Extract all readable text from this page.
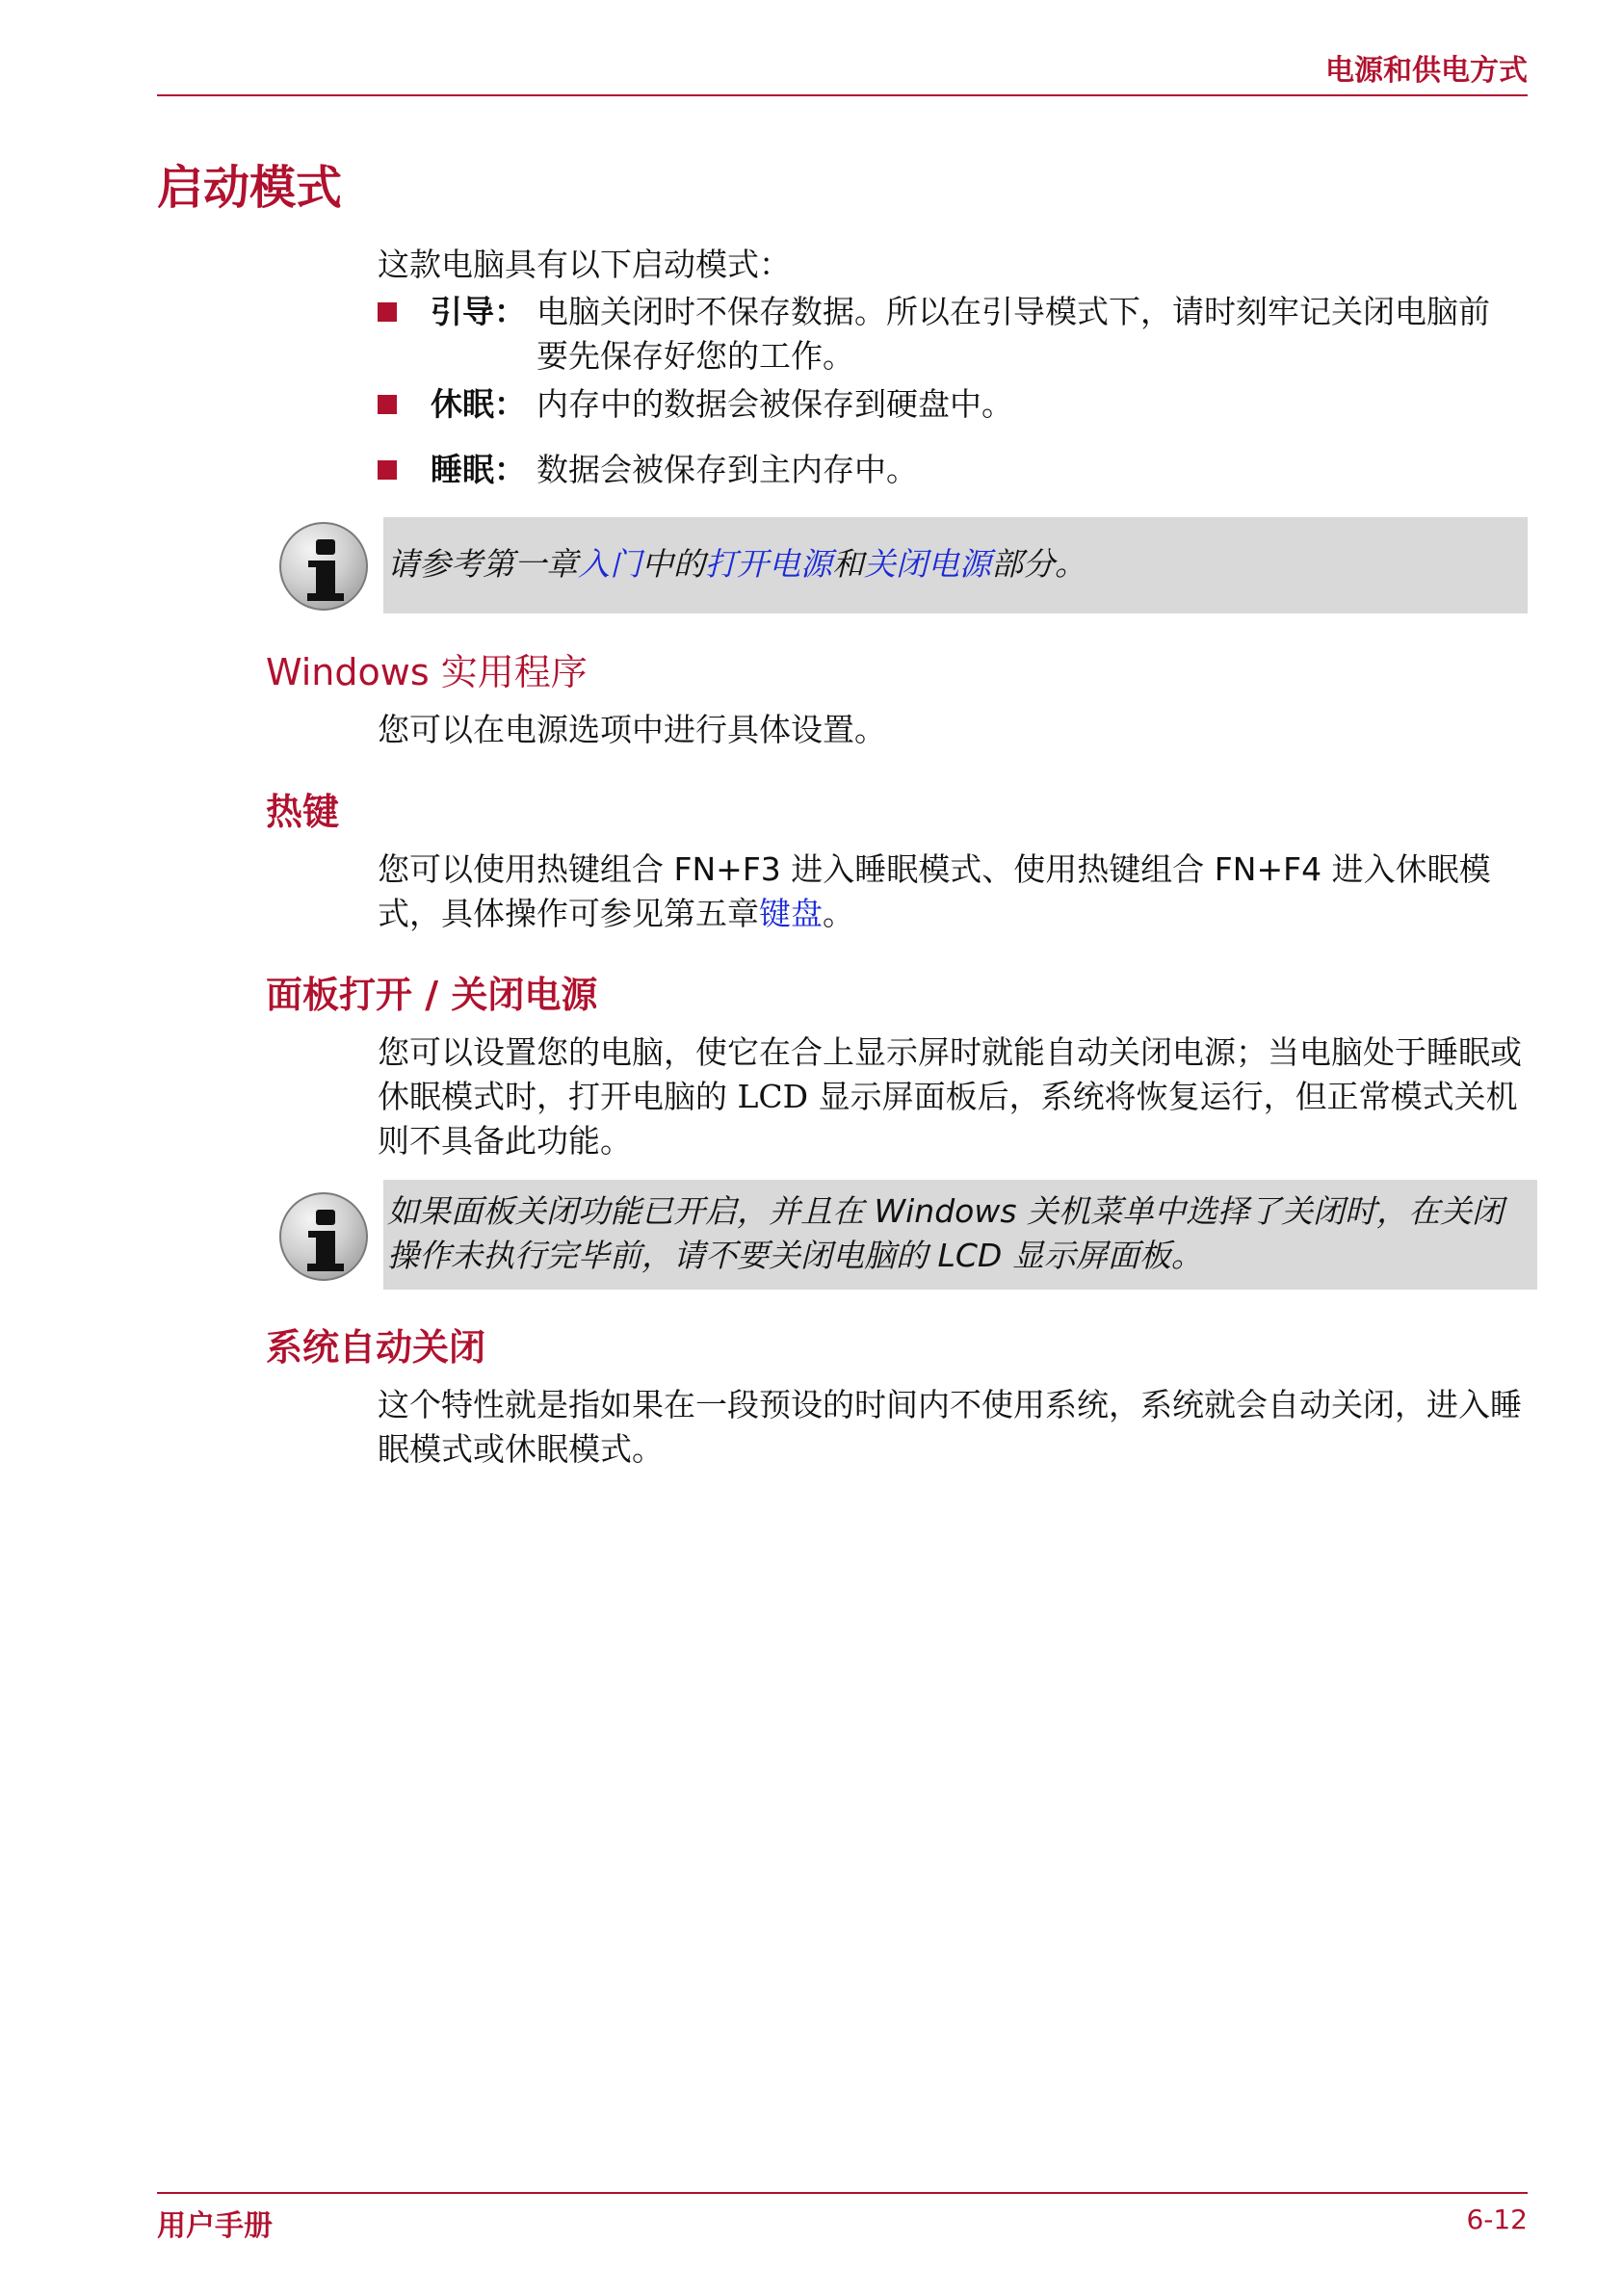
电源和供电方式
启动模式
这款电脑具有以下启动模式：
引导： 电脑关闭时不保存数据。所以在引导模式下，请时刻牢记关闭电脑前要先保存好您的工作。
休眠： 内存中的数据会被保存到硬盘中。
睡眠： 数据会被保存到主内存中。
请参考第一章入门中的打开电源和关闭电源部分。
Windows 实用程序
您可以在电源选项中进行具体设置。
热键
您可以使用热键组合 FN+F3 进入睡眠模式、使用热键组合 FN+F4 进入休眠模式，具体操作可参见第五章键盘。
面板打开 / 关闭电源
您可以设置您的电脑，使它在合上显示屏时就能自动关闭电源；当电脑处于睡眠或休眠模式时，打开电脑的 LCD 显示屏面板后，系统将恢复运行，但正常模式关机则不具备此功能。
如果面板关闭功能已开启，并且在 Windows 关机菜单中选择了关闭时，在关闭操作未执行完毕前，请不要关闭电脑的 LCD 显示屏面板。
系统自动关闭
这个特性就是指如果在一段预设的时间内不使用系统，系统就会自动关闭，进入睡眠模式或休眠模式。
用户手册	6-12
